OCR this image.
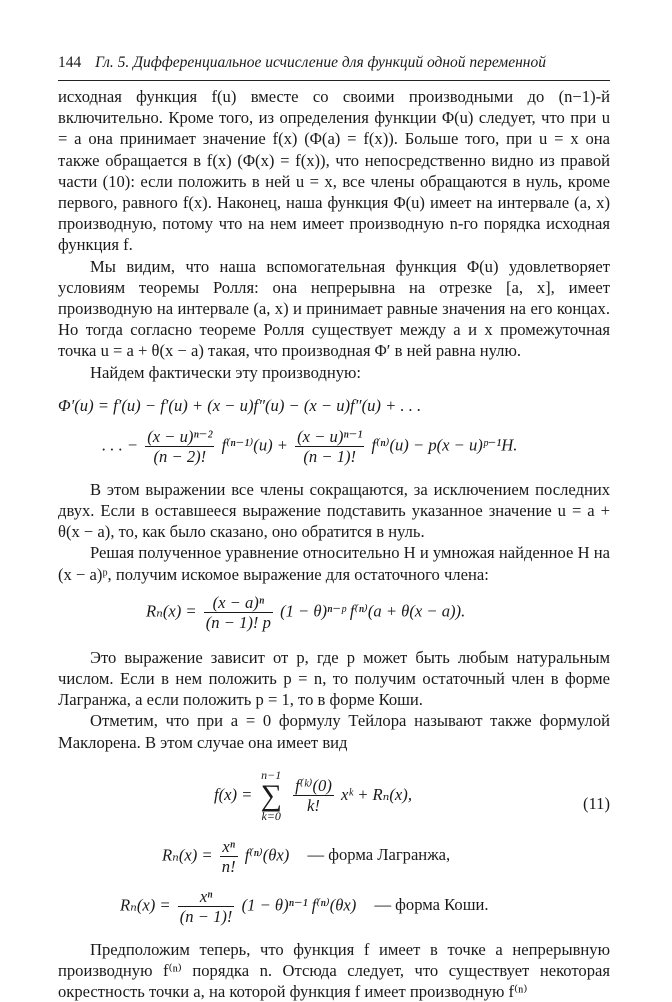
144 Гл. 5. Дифференциальное исчисление для функций одной переменной

исходная функция f(u) вместе со своими производными до (n−1)-й включительно. Кроме того, из определения функции Φ(u) следует, что при u = a она принимает значение f(x) (Φ(a) = f(x)). Больше того, при u = x она также обращается в f(x) (Φ(x) = f(x)), что непосредственно видно из правой части (10): если положить в ней u = x, все члены обращаются в нуль, кроме первого, равного f(x). Наконец, наша функция Φ(u) имеет на интервале (a, x) производную, потому что на нем имеет производную n-го порядка исходная функция f.

Мы видим, что наша вспомогательная функция Φ(u) удовлетворяет условиям теоремы Ролля: она непрерывна на отрезке [a, x], имеет производную на интервале (a, x) и принимает равные значения на его концах. Но тогда согласно теореме Ролля существует между a и x промежуточная точка u = a + θ(x − a) такая, что производная Φ′ в ней равна нулю.

Найдем фактически эту производную:

Φ′(u) = f′(u) − f′(u) + (x − u)f″(u) − (x − u)f″(u) + . . .
. . . − $\frac{\text{(x − u)ⁿ⁻²}}{(n - 2)!} f^{(n-1)}(u) + \frac{\text{(x − u)ⁿ⁻¹}}{(n - 1)!} f^{(n)}(u) - p(x$ − u)ᵖ⁻¹H.

В этом выражении все члены сокращаются, за исключением последних двух. Если в оставшееся выражение подставить указанное значение u = a + θ(x − a), то, как было сказано, оно обратится в нуль.

Решая полученное уравнение относительно H и умножая найденное H на (x − a)ᵖ, получим искомое выражение для остаточного члена:

$R_n(x) = \frac{\text{(x − a)ⁿ}}{(n - 1)! p} (1$ − θ)ⁿ⁻ᵖ f⁽ⁿ⁾(a + θ(x − a)).

Это выражение зависит от p, где p может быть любым натуральным числом. Если в нем положить p = n, то получим остаточный член в форме Лагранжа, а если положить p = 1, то в форме Коши.

Отметим, что при a = 0 формулу Тейлора называют также формулой Маклорена. В этом случае она имеет вид

f(x) =
n−1
∑
k=0

$\frac{\text{f⁽ᵏ⁾(0)}}{k!}$ xᵏ + Rₙ(x),	(11)
$R_n(x) = \frac{\text{xⁿ}}{n!} f^{(n)}(\theta x)$ — форма Лагранжа,
$R_n(x) = \frac{\text{xⁿ}}{(n - 1)!} (1 - \theta)^{n-1}$ f⁽ⁿ⁾(θx) — форма Коши.

Предположим теперь, что функция f имеет в точке a непрерывную производную f⁽ⁿ⁾ порядка n. Отсюда следует, что существует некоторая окрестность точки a, на которой функция f имеет производную f⁽ⁿ⁾
